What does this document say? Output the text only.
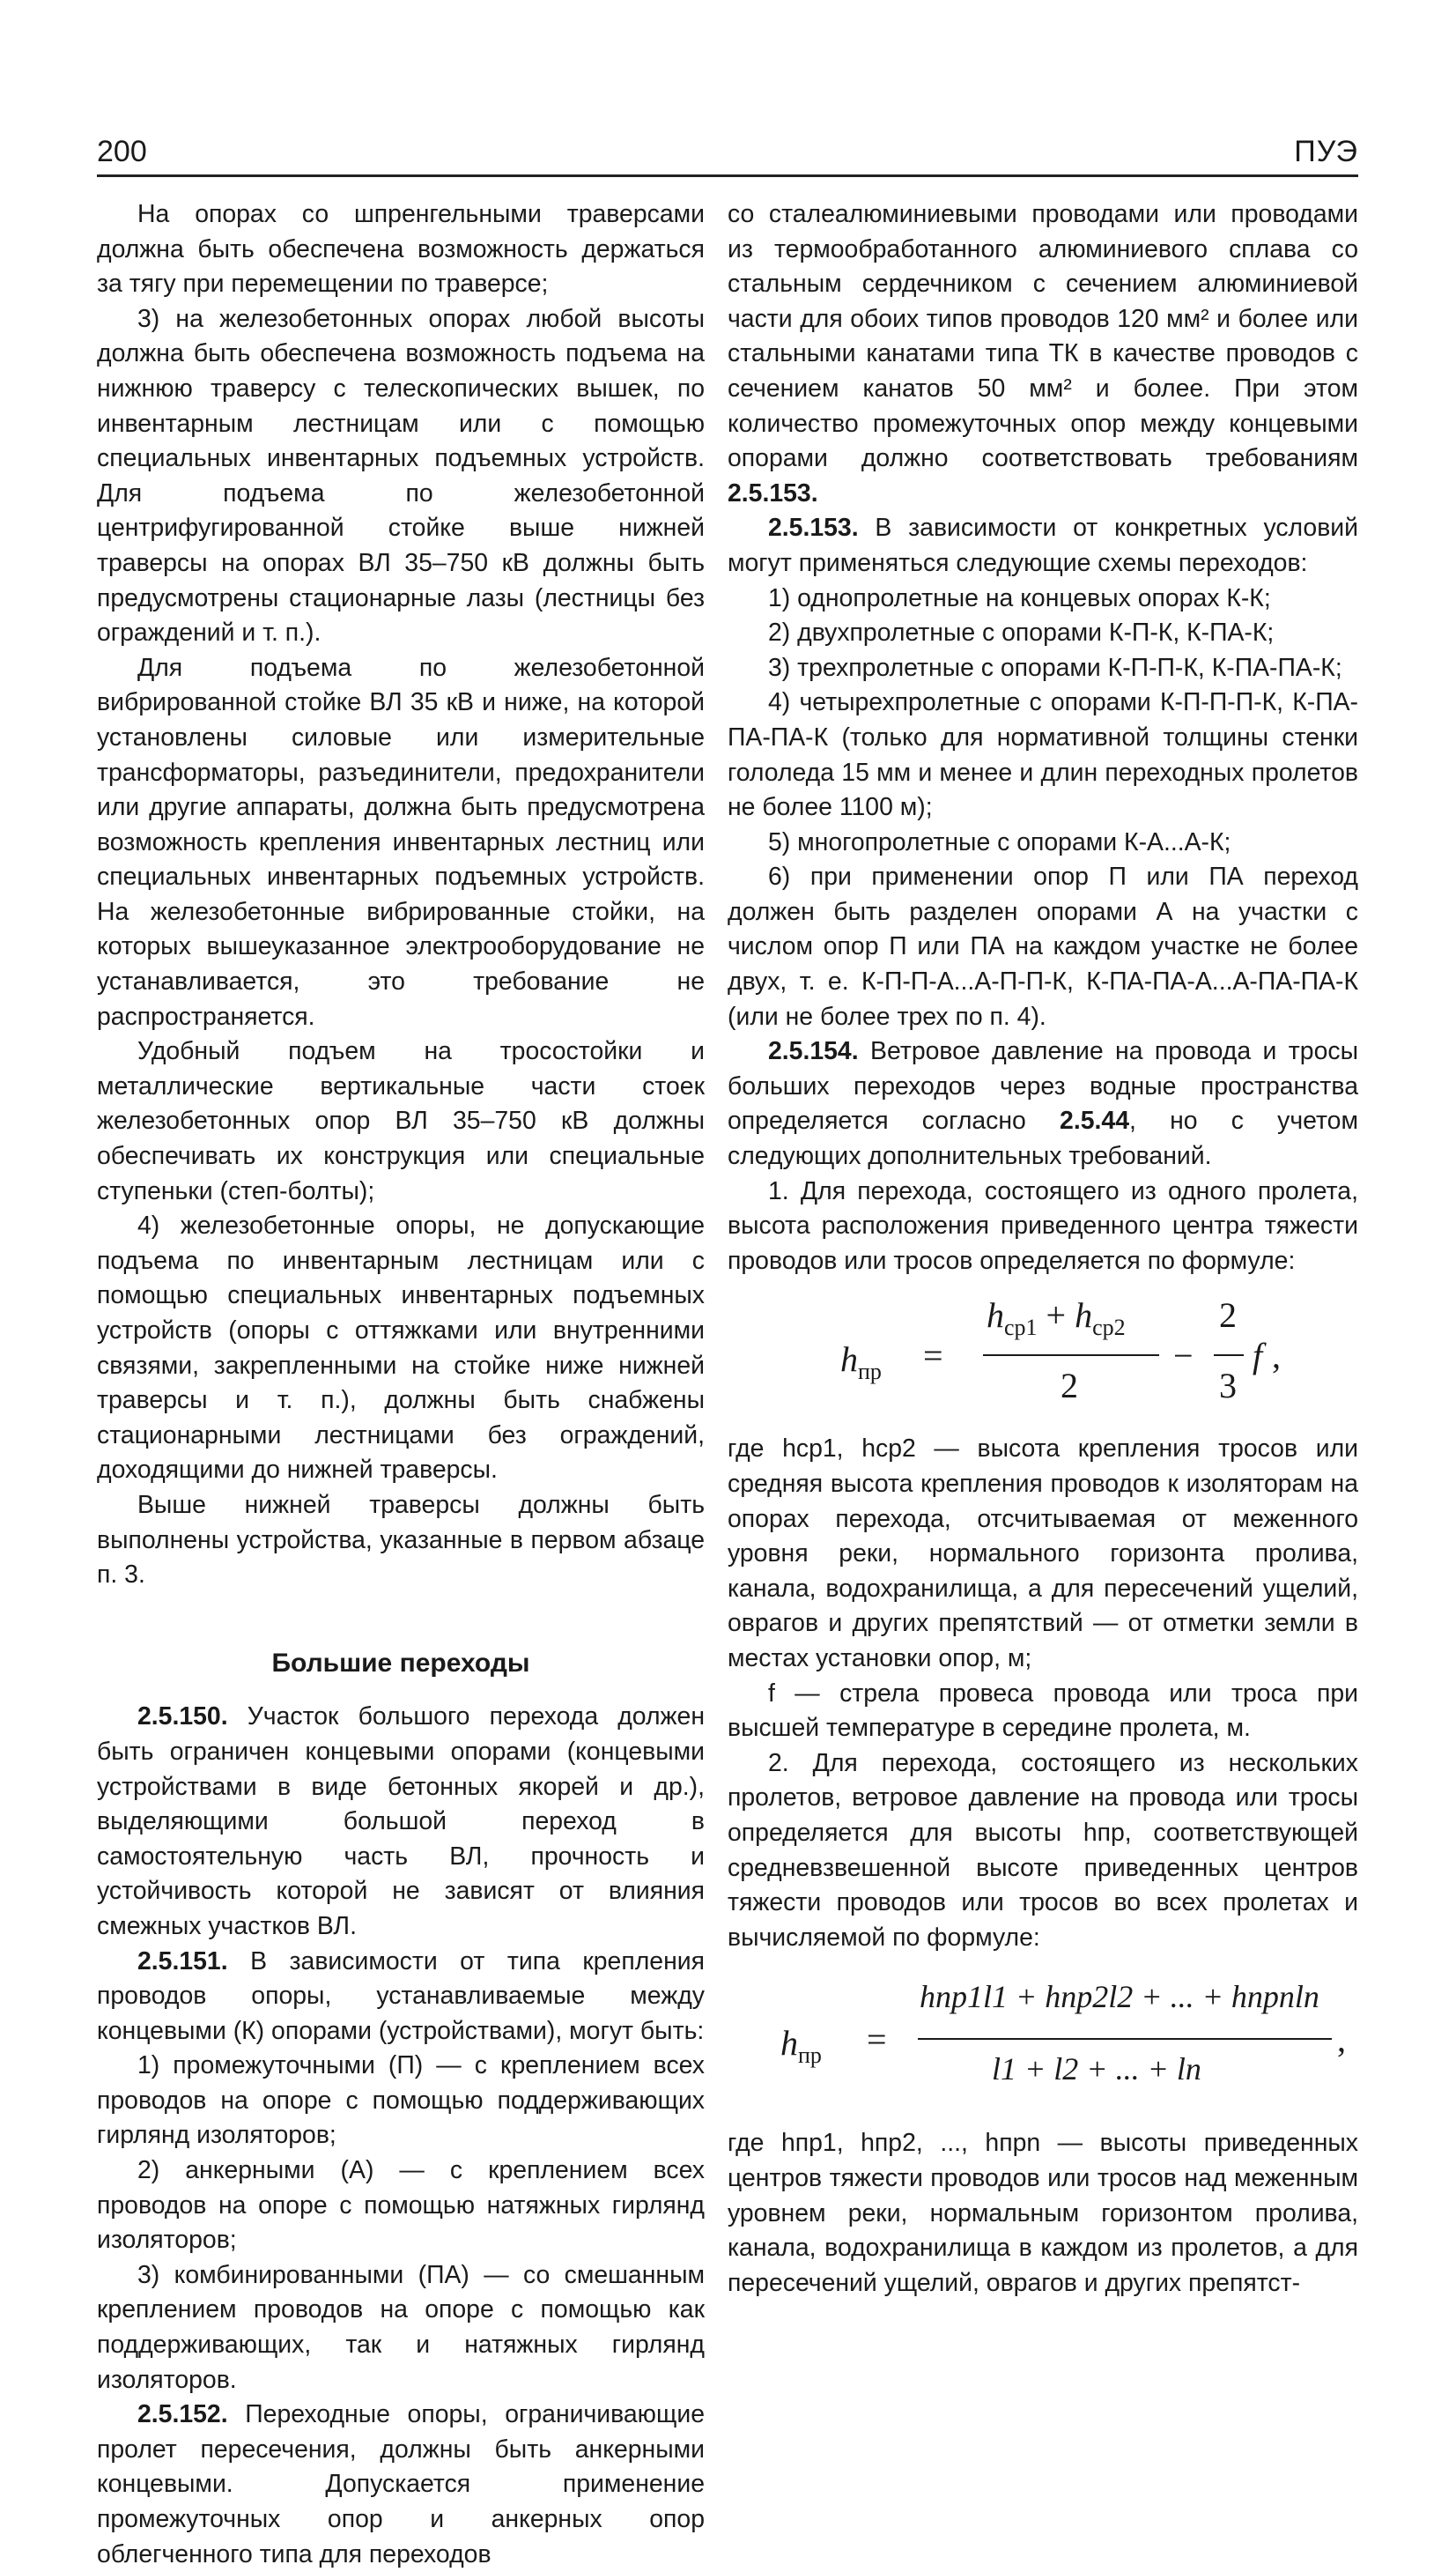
200	ПУЭ

На опорах со шпренгельными траверсами должна быть обеспечена возможность держаться за тягу при перемещении по траверсе;

3) на железобетонных опорах любой высоты должна быть обеспечена возможность подъема на нижнюю траверсу с телескопических вышек, по инвентарным лестницам или с помощью специальных инвентарных подъемных устройств. Для подъема по железобетонной центрифугированной стойке выше нижней траверсы на опорах ВЛ 35–750 кВ должны быть предусмотрены стационарные лазы (лестницы без ограждений и т. п.).

Для подъема по железобетонной вибрированной стойке ВЛ 35 кВ и ниже, на которой установлены силовые или измерительные трансформаторы, разъединители, предохранители или другие аппараты, должна быть предусмотрена возможность крепления инвентарных лестниц или специальных инвентарных подъемных устройств. На железобетонные вибрированные стойки, на которых вышеуказанное электрооборудование не устанавливается, это требование не распространяется.

Удобный подъем на тросостойки и металлические вертикальные части стоек железобетонных опор ВЛ 35–750 кВ должны обеспечивать их конструкция или специальные ступеньки (степ-болты);

4) железобетонные опоры, не допускающие подъема по инвентарным лестницам или с помощью специальных инвентарных подъемных устройств (опоры с оттяжками или внутренними связями, закрепленными на стойке ниже нижней траверсы и т. п.), должны быть снабжены стационарными лестницами без ограждений, доходящими до нижней траверсы.

Выше нижней траверсы должны быть выполнены устройства, указанные в первом абзаце п. 3.

Большие переходы

2.5.150. Участок большого перехода должен быть ограничен концевыми опорами (концевыми устройствами в виде бетонных якорей и др.), выделяющими большой переход в самостоятельную часть ВЛ, прочность и устойчивость которой не зависят от влияния смежных участков ВЛ.

2.5.151. В зависимости от типа крепления проводов опоры, устанавливаемые между концевыми (К) опорами (устройствами), могут быть:

1) промежуточными (П) — с креплением всех проводов на опоре с помощью поддерживающих гирлянд изоляторов;

2) анкерными (А) — с креплением всех проводов на опоре с помощью натяжных гирлянд изоляторов;

3) комбинированными (ПА) — со смешанным креплением проводов на опоре с помощью как поддерживающих, так и натяжных гирлянд изоляторов.

2.5.152. Переходные опоры, ограничивающие пролет пересечения, должны быть анкерными концевыми. Допускается применение промежуточных опор и анкерных опор облегченного типа для переходов

со сталеалюминиевыми проводами или проводами из термообработанного алюминиевого сплава со стальным сердечником с сечением алюминиевой части для обоих типов проводов 120 мм² и более или стальными канатами типа ТК в качестве проводов с сечением канатов 50 мм² и более. При этом количество промежуточных опор между концевыми опорами должно соответствовать требованиям 2.5.153.

2.5.153. В зависимости от конкретных условий могут применяться следующие схемы переходов:

1) однопролетные на концевых опорах К-К;

2) двухпролетные с опорами К-П-К, К-ПА-К;

3) трехпролетные с опорами К-П-П-К, К-ПА-ПА-К;

4) четырехпролетные с опорами К-П-П-П-К, К-ПА-ПА-ПА-К (только для нормативной толщины стенки гололеда 15 мм и менее и длин переходных пролетов не более 1100 м);

5) многопролетные с опорами К-А...А-К;

6) при применении опор П или ПА переход должен быть разделен опорами А на участки с числом опор П или ПА на каждом участке не более двух, т. е. К-П-П-А...А-П-П-К, К-ПА-ПА-А...А-ПА-ПА-К (или не более трех по п. 4).

2.5.154. Ветровое давление на провода и тросы больших переходов через водные пространства определяется согласно 2.5.44, но с учетом следующих дополнительных требований.

1. Для перехода, состоящего из одного пролета, высота расположения приведенного центра тяжести проводов или тросов определяется по формуле:

$h_{пр}$ =
$h_{ср1} + h_{ср2}$
2
−
2
3
f ,

где hср1, hср2 — высота крепления тросов или средняя высота крепления проводов к изоляторам на опорах перехода, отсчитываемая от меженного уровня реки, нормального горизонта пролива, канала, водохранилища, а для пересечений ущелий, оврагов и других препятствий — от отметки земли в местах установки опор, м;

f — стрела провеса провода или троса при высшей температуре в середине пролета, м.

2. Для перехода, состоящего из нескольких пролетов, ветровое давление на провода или тросы определяется для высоты hпр, соответствующей средневзвешенной высоте приведенных центров тяжести проводов или тросов во всех пролетах и вычисляемой по формуле:

$h_{пр}$ =
hпр1l1 + hпр2l2 + ... + hпрnln
l1 + l2 + ... + ln
,

где hпр1, hпр2, ..., hпрn — высоты приведенных центров тяжести проводов или тросов над меженным уровнем реки, нормальным горизонтом пролива, канала, водохранилища в каждом из пролетов, а для пересечений ущелий, оврагов и других препятст-
